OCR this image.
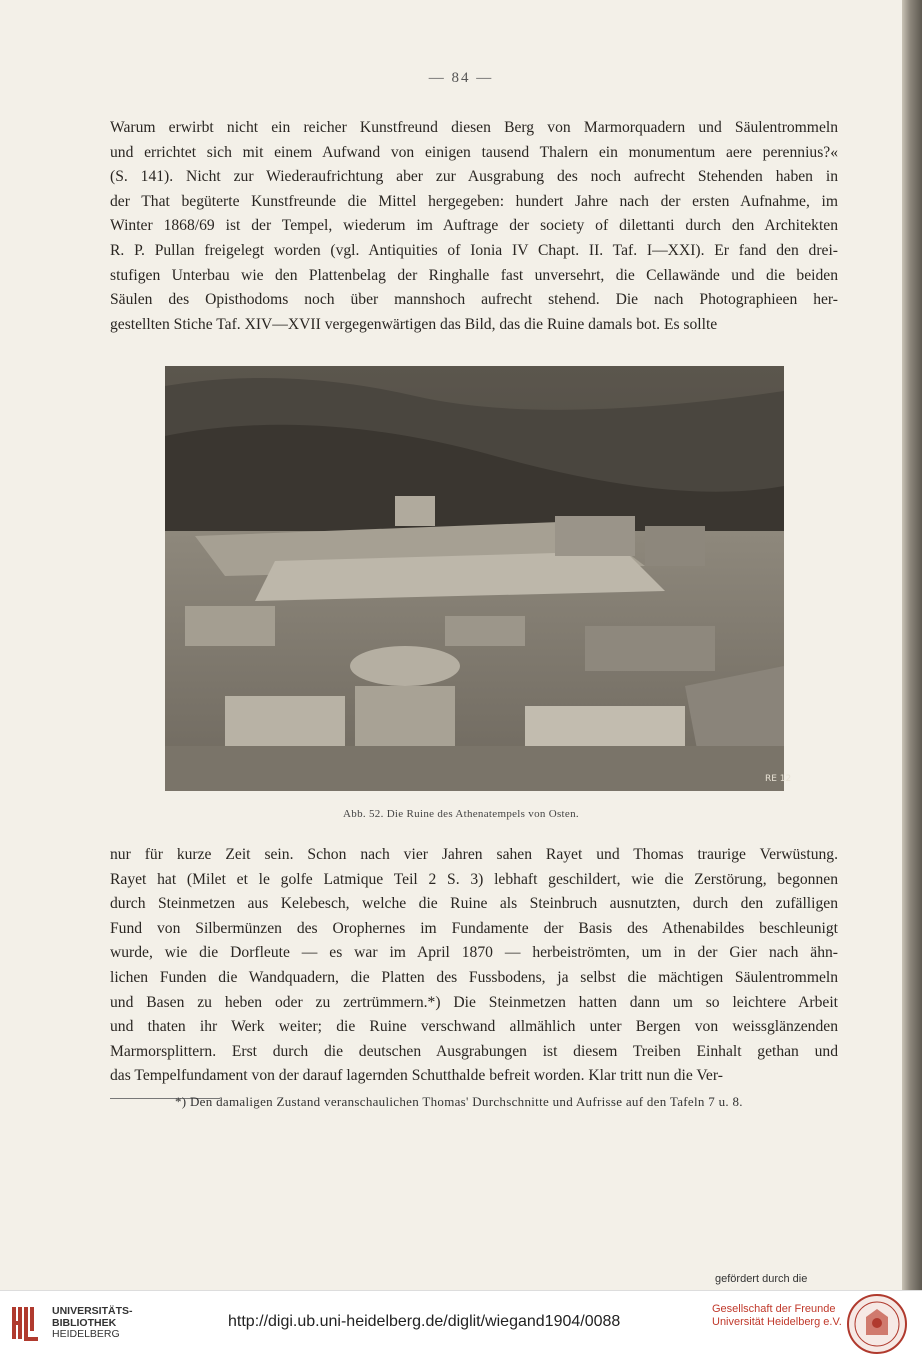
— 84 —

Warum erwirbt nicht ein reicher Kunstfreund diesen Berg von Marmorquadern und Säulentrommeln
und errichtet sich mit einem Aufwand von einigen tausend Thalern ein monumentum aere perennius?«
(S. 141). Nicht zur Wiederaufrichtung aber zur Ausgrabung des noch aufrecht Stehenden haben in
der That begüterte Kunstfreunde die Mittel hergegeben: hundert Jahre nach der ersten Aufnahme, im
Winter 1868/69 ist der Tempel, wiederum im Auftrage der society of dilettanti durch den Architekten
R. P. Pullan freigelegt worden (vgl. Antiquities of Ionia IV Chapt. II. Taf. I—XXI). Er fand den drei-
stufigen Unterbau wie den Plattenbelag der Ringhalle fast unversehrt, die Cellawände und die beiden
Säulen des Opisthodoms noch über mannshoch aufrecht stehend. Die nach Photographieen her-
gestellten Stiche Taf. XIV—XVII vergegenwärtigen das Bild, das die Ruine damals bot. Es sollte

RE 12
Abb. 52. Die Ruine des Athenatempels von Osten.

nur für kurze Zeit sein. Schon nach vier Jahren sahen Rayet und Thomas traurige Verwüstung.
Rayet hat (Milet et le golfe Latmique Teil 2 S. 3) lebhaft geschildert, wie die Zerstörung, begonnen
durch Steinmetzen aus Kelebesch, welche die Ruine als Steinbruch ausnutzten, durch den zufälligen
Fund von Silbermünzen des Orophernes im Fundamente der Basis des Athenabildes beschleunigt
wurde, wie die Dorfleute — es war im April 1870 — herbeiströmten, um in der Gier nach ähn-
lichen Funden die Wandquadern, die Platten des Fussbodens, ja selbst die mächtigen Säulentrommeln
und Basen zu heben oder zu zertrümmern.*) Die Steinmetzen hatten dann um so leichtere Arbeit
und thaten ihr Werk weiter; die Ruine verschwand allmählich unter Bergen von weissglänzenden
Marmorsplittern. Erst durch die deutschen Ausgrabungen ist diesem Treiben Einhalt gethan und
das Tempelfundament von der darauf lagernden Schutthalde befreit worden. Klar tritt nun die Ver-

*) Den damaligen Zustand veranschaulichen Thomas' Durchschnitte und Aufrisse auf den Tafeln 7 u. 8.
UNIVERSITÄTS-
BIBLIOTHEK
HEIDELBERG
http://digi.ub.uni-heidelberg.de/diglit/wiegand1904/0088
gefördert durch die
Gesellschaft der Freunde
Universität Heidelberg e.V.
